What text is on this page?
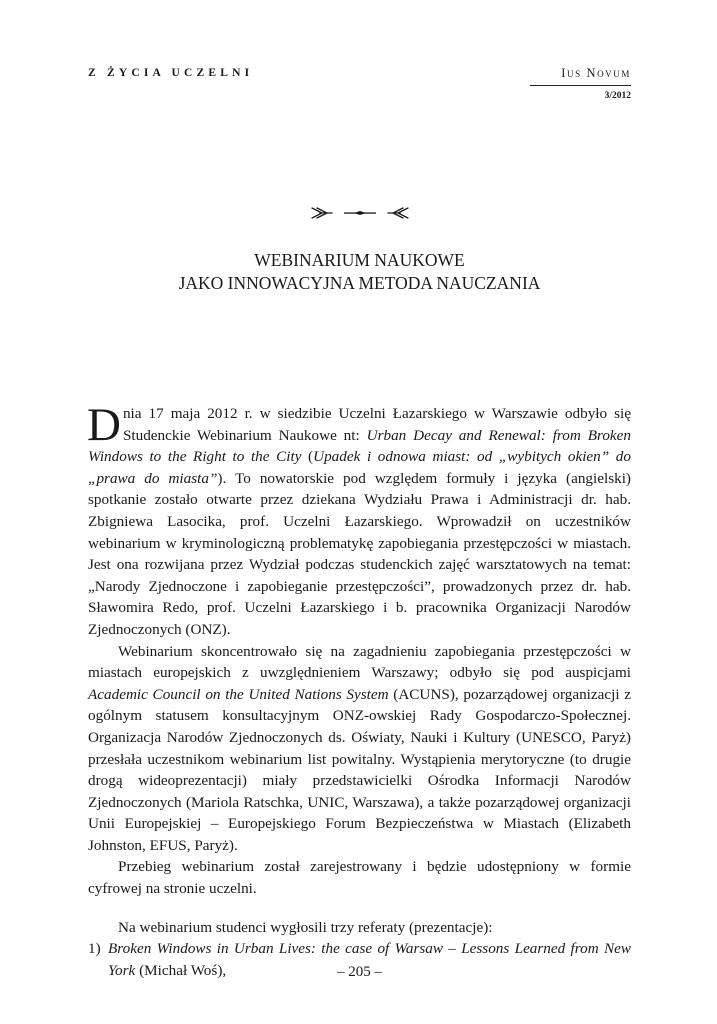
Z ŻYCIA UCZELNI	Ius Novum
3/2012
WEBINARIUM NAUKOWE
JAKO INNOWACYJNA METODA NAUCZANIA

Dnia 17 maja 2012 r. w siedzibie Uczelni Łazarskiego w Warszawie odbyło się Studenckie Webinarium Naukowe nt: Urban Decay and Renewal: from Broken Windows to the Right to the City (Upadek i odnowa miast: od „wybitych okien” do „prawa do miasta”). To nowatorskie pod względem formuły i języka (angielski) spotkanie zostało otwarte przez dziekana Wydziału Prawa i Administracji dr. hab. Zbigniewa Lasocika, prof. Uczelni Łazarskiego. Wprowadził on uczestników webinarium w kryminologiczną problematykę zapobiegania przestępczości w miastach. Jest ona rozwijana przez Wydział podczas studenckich zajęć warsztatowych na temat: „Narody Zjednoczone i zapobieganie przestępczości”, prowadzonych przez dr. hab. Sławomira Redo, prof. Uczelni Łazarskiego i b. pracownika Organizacji Narodów Zjednoczonych (ONZ).

Webinarium skoncentrowało się na zagadnieniu zapobiegania przestępczości w miastach europejskich z uwzględnieniem Warszawy; odbyło się pod auspicjami Academic Council on the United Nations System (ACUNS), pozarządowej organizacji z ogólnym statusem konsultacyjnym ONZ-owskiej Rady Gospodarczo-Społecznej. Organizacja Narodów Zjednoczonych ds. Oświaty, Nauki i Kultury (UNESCO, Paryż) przesłała uczestnikom webinarium list powitalny. Wystąpienia merytoryczne (to drugie drogą wideoprezentacji) miały przedstawicielki Ośrodka Informacji Narodów Zjednoczonych (Mariola Ratschka, UNIC, Warszawa), a także pozarządowej organizacji Unii Europejskiej – Europejskiego Forum Bezpieczeństwa w Miastach (Elizabeth Johnston, EFUS, Paryż).

Przebieg webinarium został zarejestrowany i będzie udostępniony w formie cyfrowej na stronie uczelni.

Na webinarium studenci wygłosili trzy referaty (prezentacje):

1) Broken Windows in Urban Lives: the case of Warsaw – Lessons Learned from New York (Michał Woś),	– 205 –
